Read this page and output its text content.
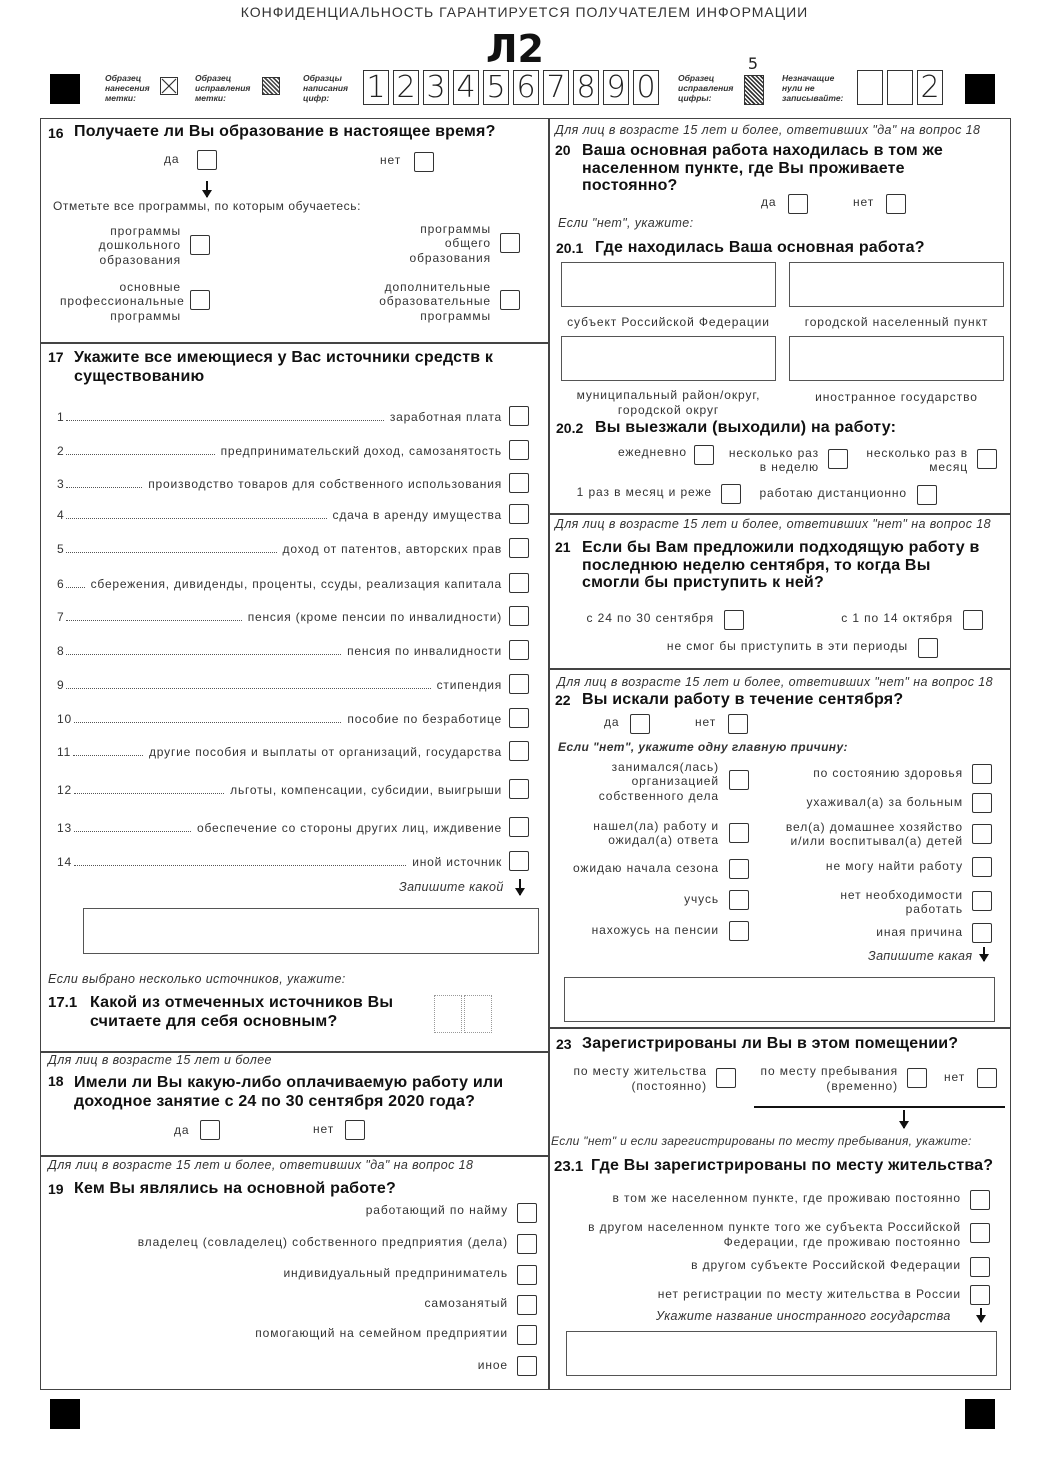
КОНФИДЕНЦИАЛЬНОСТЬ ГАРАНТИРУЕТСЯ ПОЛУЧАТЕЛЕМ ИНФОРМАЦИИ
Л2
Образец нанесения метки:
Образец исправления метки:
Образцы написания цифр:	1 2 3 4 5 6 7 8 9 0	Образец исправления цифры:
5
Незначащие нули не записывайте:	2
16 Получаете ли Вы образование в настоящее время?
да	нет
Отметьте все программы, по которым обучаетесь:
программы дошкольного образования
программы общего образования
основные профессиональные программы
дополнительные образовательные программы
17 Укажите все имеющиеся у Вас источники средств к существованию
1	заработная плата
2	предпринимательский доход, самозанятость
3	производство товаров для собственного использования
4	сдача в аренду имущества
5	доход от патентов, авторских прав
6 сбережения, дивиденды, проценты, ссуды, реализация капитала
7	пенсия (кроме пенсии по инвалидности)
8	пенсия по инвалидности
9	стипендия
10	пособие по безработице
11	другие пособия и выплаты от организаций, государства
12	льготы, компенсации, субсидии, выигрыши
13	обеспечение со стороны других лиц, иждивение
14	иной источник
Запишите какой
Если выбрано несколько источников, укажите:
17.1 Какой из отмеченных источников Вы считаете для себя основным?
Для лиц в возрасте 15 лет и более
18 Имели ли Вы какую-либо оплачиваемую работу или доходное занятие с 24 по 30 сентября 2020 года?
да	нет
Для лиц в возрасте 15 лет и более, ответивших "да" на вопрос 18
19 Кем Вы являлись на основной работе?
работающий по найму
владелец (совладелец) собственного предприятия (дела)
индивидуальный предприниматель
самозанятый
помогающий на семейном предприятии
иное
Для лиц в возрасте 15 лет и более, ответивших "да" на вопрос 18
20 Ваша основная работа находилась в том же населенном пункте, где Вы проживаете постоянно?
да	нет
Если "нет", укажите:
20.1 Где находилась Ваша основная работа?
субъект Российской Федерации	городской населенный пункт
муниципальный район/округ, городской округ
иностранное государство
20.2 Вы выезжали (выходили) на работу:
ежедневно	несколько раз в неделю
несколько раз в месяц
1 раз в месяц и реже	работаю дистанционно
Для лиц в возрасте 15 лет и более, ответивших "нет" на вопрос 18
21 Если бы Вам предложили подходящую работу в последнюю неделю сентября, то когда Вы смогли бы приступить к ней?
с 24 по 30 сентября	с 1 по 14 октября
не смог бы приступить в эти периоды
Для лиц в возрасте 15 лет и более, ответивших "нет" на вопрос 18
22 Вы искали работу в течение сентября?
да	нет
Если "нет", укажите одну главную причину:
занимался(лась) организацией собственного дела
нашел(ла) работу и ожидал(а) ответа
ожидаю начала сезона
учусь
нахожусь на пенсии
по состоянию здоровья
ухаживал(а) за больным
вел(а) домашнее хозяйство и/или воспитывал(а) детей
не могу найти работу
нет необходимости работать
иная причина
Запишите какая
23 Зарегистрированы ли Вы в этом помещении?
по месту жительства (постоянно)
по месту пребывания (временно)
нет
Если "нет" и если зарегистрированы по месту пребывания, укажите:
23.1 Где Вы зарегистрированы по месту жительства?
в том же населенном пункте, где проживаю постоянно
в другом населенном пункте того же субъекта Российской Федерации, где проживаю постоянно
в другом субъекте Российской Федерации
нет регистрации по месту жительства в России
Укажите название иностранного государства
